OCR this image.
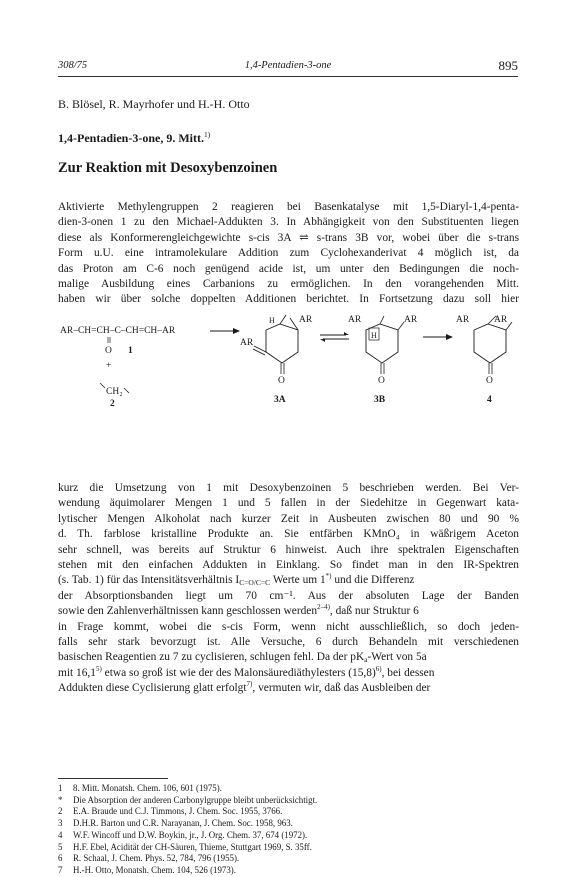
308/75	1,4-Pentadien-3-one	895
B. Blösel, R. Mayrhofer und H.-H. Otto
1,4-Pentadien-3-one, 9. Mitt.$^{1)}$
Zur Reaktion mit Desoxybenzoinen
Aktivierte Methylengruppen 2 reagieren bei Basenkatalyse mit 1,5-Diaryl-1,4-penta-
dien-3-onen 1 zu den Michael-Addukten 3. In Abhängigkeit von den Substituenten liegen
diese als Konformerengleichgewichte s-cis 3A ⇌ s-trans 3B vor, wobei über die s-trans
Form u.U. eine intramolekulare Addition zum Cyclohexanderivat 4 möglich ist, da
das Proton am C-6 noch genügend acide ist, um unter den Bedingungen die noch-
malige Ausbildung eines Carbanions zu ermöglichen. In den vorangehenden Mitt.
haben wir über solche doppelten Additionen berichtet. In Fortsetzung dazu soll hier
AR–CH=CH–C–CH=CH–AR
O 1
+
CH₂
2
AR
H
AR
O
3A
H
AR	AR
O
3B
AR	AR
O
4
kurz die Umsetzung von 1 mit Desoxybenzoinen 5 beschrieben werden. Bei Ver-
wendung äquimolarer Mengen 1 und 5 fallen in der Siedehitze in Gegenwart kata-
lytischer Mengen Alkoholat nach kurzer Zeit in Ausbeuten zwischen 80 und 90 %
d. Th. farblose kristalline Produkte an. Sie entfärben KMnO₄ in wäßrigem Aceton
sehr schnell, was bereits auf Struktur 6 hinweist. Auch ihre spektralen Eigenschaften
stehen mit den einfachen Addukten in Einklang. So findet man in den IR-Spektren
(s. Tab. 1) für das Intensitätsverhältnis $I_{C=O/C=C}$ Werte um 1*) und die Differenz
der Absorptionsbanden liegt um 70 cm⁻¹. Aus der absoluten Lage der Banden
sowie den Zahlenverhältnissen kann geschlossen werden$^{2-4)}$, daß nur Struktur 6
in Frage kommt, wobei die s-cis Form, wenn nicht ausschließlich, so doch jeden-
falls sehr stark bevorzugt ist. Alle Versuche, 6 durch Behandeln mit verschiedenen
basischen Reagentien zu 7 zu cyclisieren, schlugen fehl. Da der $pK_a$-Wert von 5a
mit 16,1$^{5)}$ etwa so groß ist wie der des Malonsäurediäthylesters $(15,8)^{6)}$, bei dessen
Addukten diese Cyclisierung glatt erfolgt$^{7)}$, vermuten wir, daß das Ausbleiben der
1 8. Mitt. Monatsh. Chem. 106, 601 (1975).
* Die Absorption der anderen Carbonylgruppe bleibt unberücksichtigt.
2 E.A. Braude und C.J. Timmons, J. Chem. Soc. 1955, 3766.
3 D.H.R. Barton und C.R. Narayanan, J. Chem. Soc. 1958, 963.
4 W.F. Wincoff und D.W. Boykin, jr., J. Org. Chem. 37, 674 (1972).
5 H.F. Ebel, Acidität der CH-Säuren, Thieme, Stuttgart 1969, S. 35ff.
6 R. Schaal, J. Chem. Phys. 52, 784, 796 (1955).
7 H.-H. Otto, Monatsh. Chem. 104, 526 (1973).
